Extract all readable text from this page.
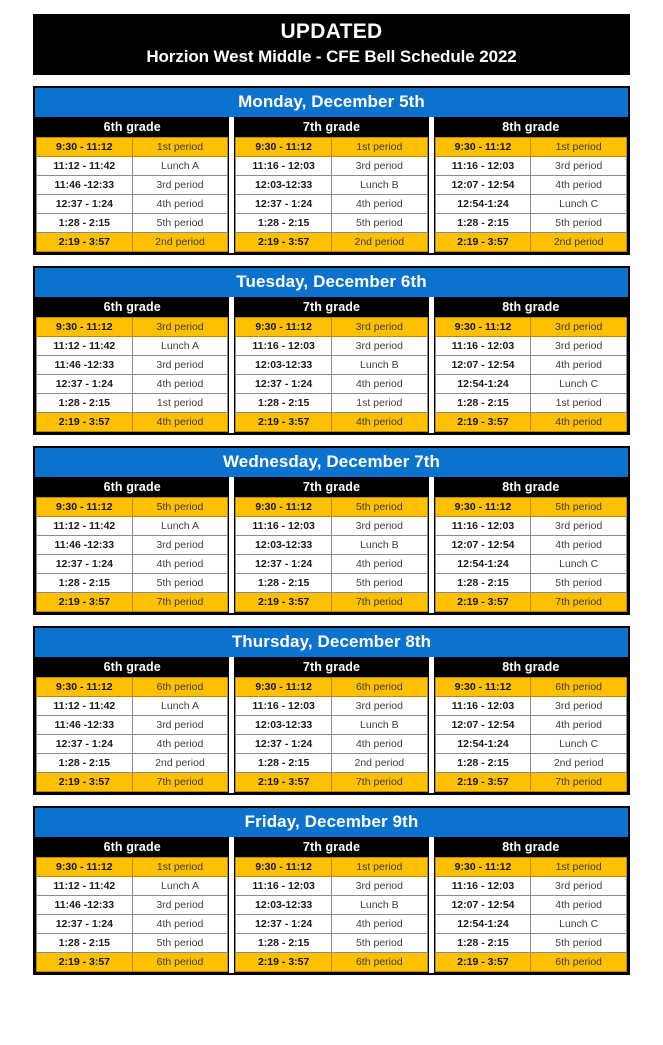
UPDATED
Horzion West Middle - CFE Bell Schedule 2022
Monday, December 5th
6th grade
9:30 - 11:12	1st period
11:12 - 11:42	Lunch A
11:46 -12:33	3rd period
12:37 - 1:24	4th period
1:28 - 2:15	5th period
2:19 - 3:57	2nd period
7th grade
9:30 - 11:12	1st period
11:16 - 12:03	3rd period
12:03-12:33	Lunch B
12:37 - 1:24	4th period
1:28 - 2:15	5th period
2:19 - 3:57	2nd period
8th grade
9:30 - 11:12	1st period
11:16 - 12:03	3rd period
12:07 - 12:54	4th period
12:54-1:24	Lunch C
1:28 - 2:15	5th period
2:19 - 3:57	2nd period
Tuesday, December 6th
6th grade
9:30 - 11:12	3rd period
11:12 - 11:42	Lunch A
11:46 -12:33	3rd period
12:37 - 1:24	4th period
1:28 - 2:15	1st period
2:19 - 3:57	4th period
7th grade
9:30 - 11:12	3rd period
11:16 - 12:03	3rd period
12:03-12:33	Lunch B
12:37 - 1:24	4th period
1:28 - 2:15	1st period
2:19 - 3:57	4th period
8th grade
9:30 - 11:12	3rd period
11:16 - 12:03	3rd period
12:07 - 12:54	4th period
12:54-1:24	Lunch C
1:28 - 2:15	1st period
2:19 - 3:57	4th period
Wednesday, December 7th
6th grade
9:30 - 11:12	5th period
11:12 - 11:42	Lunch A
11:46 -12:33	3rd period
12:37 - 1:24	4th period
1:28 - 2:15	5th period
2:19 - 3:57	7th period
7th grade
9:30 - 11:12	5th period
11:16 - 12:03	3rd period
12:03-12:33	Lunch B
12:37 - 1:24	4th period
1:28 - 2:15	5th period
2:19 - 3:57	7th period
8th grade
9:30 - 11:12	5th period
11:16 - 12:03	3rd period
12:07 - 12:54	4th period
12:54-1:24	Lunch C
1:28 - 2:15	5th period
2:19 - 3:57	7th period
Thursday, December 8th
6th grade
9:30 - 11:12	6th period
11:12 - 11:42	Lunch A
11:46 -12:33	3rd period
12:37 - 1:24	4th period
1:28 - 2:15	2nd period
2:19 - 3:57	7th period
7th grade
9:30 - 11:12	6th period
11:16 - 12:03	3rd period
12:03-12:33	Lunch B
12:37 - 1:24	4th period
1:28 - 2:15	2nd period
2:19 - 3:57	7th period
8th grade
9:30 - 11:12	6th period
11:16 - 12:03	3rd period
12:07 - 12:54	4th period
12:54-1:24	Lunch C
1:28 - 2:15	2nd period
2:19 - 3:57	7th period
Friday, December 9th
6th grade
9:30 - 11:12	1st period
11:12 - 11:42	Lunch A
11:46 -12:33	3rd period
12:37 - 1:24	4th period
1:28 - 2:15	5th period
2:19 - 3:57	6th period
7th grade
9:30 - 11:12	1st period
11:16 - 12:03	3rd period
12:03-12:33	Lunch B
12:37 - 1:24	4th period
1:28 - 2:15	5th period
2:19 - 3:57	6th period
8th grade
9:30 - 11:12	1st period
11:16 - 12:03	3rd period
12:07 - 12:54	4th period
12:54-1:24	Lunch C
1:28 - 2:15	5th period
2:19 - 3:57	6th period
